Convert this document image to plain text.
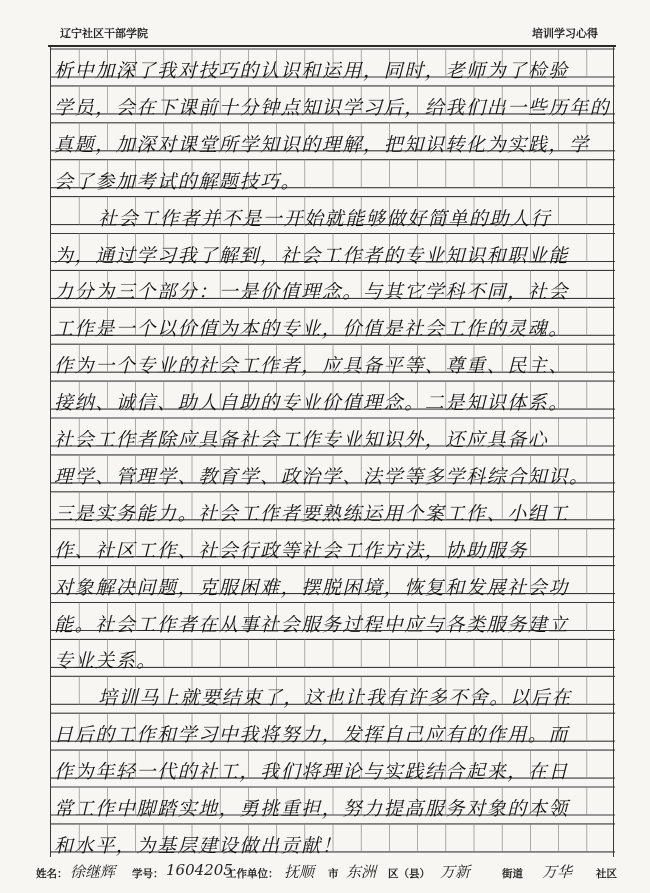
辽宁社区干部学院	培训学习心得
析中加深了我对技巧的认识和运用，同时，老师为了检验
学员，会在下课前十分钟点知识学习后，给我们出一些历年的
真题，加深对课堂所学知识的理解，把知识转化为实践，学
会了参加考试的解题技巧。
社会工作者并不是一开始就能够做好简单的助人行
为，通过学习我了解到，社会工作者的专业知识和职业能
力分为三个部分：一是价值理念。与其它学科不同，社会
工作是一个以价值为本的专业，价值是社会工作的灵魂。
作为一个专业的社会工作者，应具备平等、尊重、民主、
接纳、诚信、助人自助的专业价值理念。二是知识体系。
社会工作者除应具备社会工作专业知识外，还应具备心
理学、管理学、教育学、政治学、法学等多学科综合知识。
三是实务能力。社会工作者要熟练运用个案工作、小组工
作、社区工作、社会行政等社会工作方法，协助服务
对象解决问题，克服困难，摆脱困境，恢复和发展社会功
能。社会工作者在从事社会服务过程中应与各类服务建立
专业关系。
培训马上就要结束了，这也让我有许多不舍。以后在
日后的工作和学习中我将努力，发挥自己应有的作用。而
作为年轻一代的社工，我们将理论与实践结合起来，在日
常工作中脚踏实地，勇挑重担，努力提高服务对象的本领
和水平，为基层建设做出贡献！
姓名： 徐继辉 学号： 1604205
工作单位： 抚顺 市 东洲 区（县） 万新	街道 万华 社区
